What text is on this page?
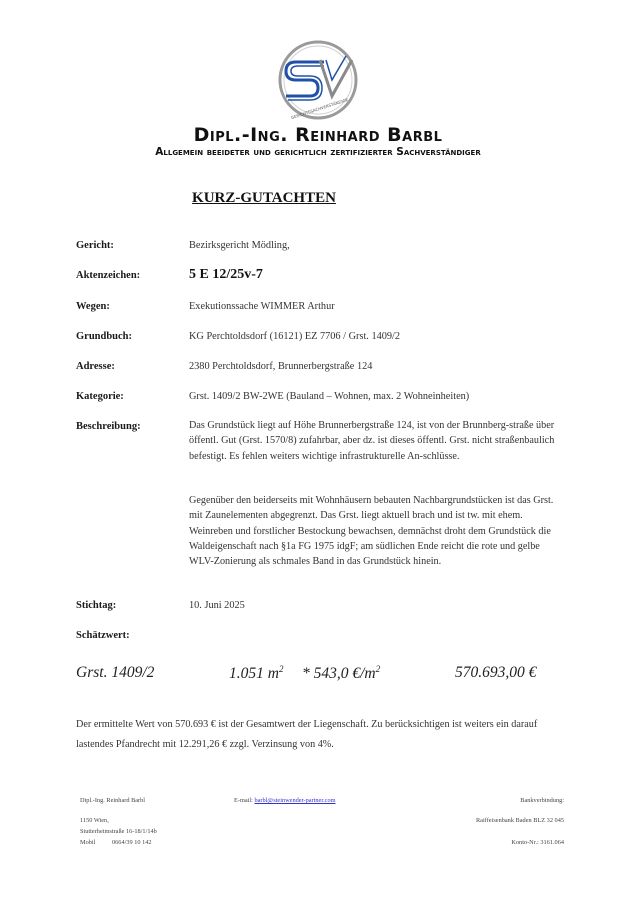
GERICHTSSACHVERSTÄNDIGE
Dipl.-Ing. Reinhard Barbl
Allgemein beeideter und gerichtlich zertifizierter Sachverständiger
KURZ-GUTACHTEN
Gericht:	Bezirksgericht Mödling,
Aktenzeichen:	5 E 12/25v-7
Wegen:	Exekutionssache WIMMER Arthur
Grundbuch:	KG Perchtoldsdorf (16121) EZ 7706 / Grst. 1409/2
Adresse:	2380 Perchtoldsdorf, Brunnerbergstraße 124
Kategorie:	Grst. 1409/2 BW-2WE (Bauland – Wohnen, max. 2 Wohneinheiten)
Beschreibung:	Das Grundstück liegt auf Höhe Brunnerbergstraße 124, ist von der Brunnberg-straße über öffentl. Gut (Grst. 1570/8) zufahrbar, aber dz. ist dieses öffentl. Grst. nicht straßenbaulich befestigt. Es fehlen weiters wichtige infrastrukturelle An-schlüsse.
Gegenüber den beiderseits mit Wohnhäusern bebauten Nachbargrundstücken ist das Grst. mit Zaunelementen abgegrenzt. Das Grst. liegt aktuell brach und ist tw. mit ehem. Weinreben und forstlicher Bestockung bewachsen, demnächst droht dem Grundstück die Waldeigenschaft nach §1a FG 1975 idgF; am südlichen Ende reicht die rote und gelbe WLV-Zonierung als schmales Band in das Grundstück hinein.
Stichtag:	10. Juni 2025
Schätzwert:
Grst. 1409/2	1.051 $m^2 * 543,0$ $€/m^2$	570.693,00 €
Der ermittelte Wert von 570.693 € ist der Gesamtwert der Liegenschaft. Zu berücksichtigen ist weiters ein darauf lastendes Pfandrecht mit 12.291,26 € zzgl. Verzinsung von 4%.
Dipl.-Ing. Reinhard Barbl	E-mail: barbl@steinwender-partner.com	Bankverbindung:
1150 Wien,	Raiffeisenbank Baden BLZ 32 045
Stutterheimstraße 16-18/1/14b
Mobil	0664/39 10 142	Konto-Nr.: 3161.064
